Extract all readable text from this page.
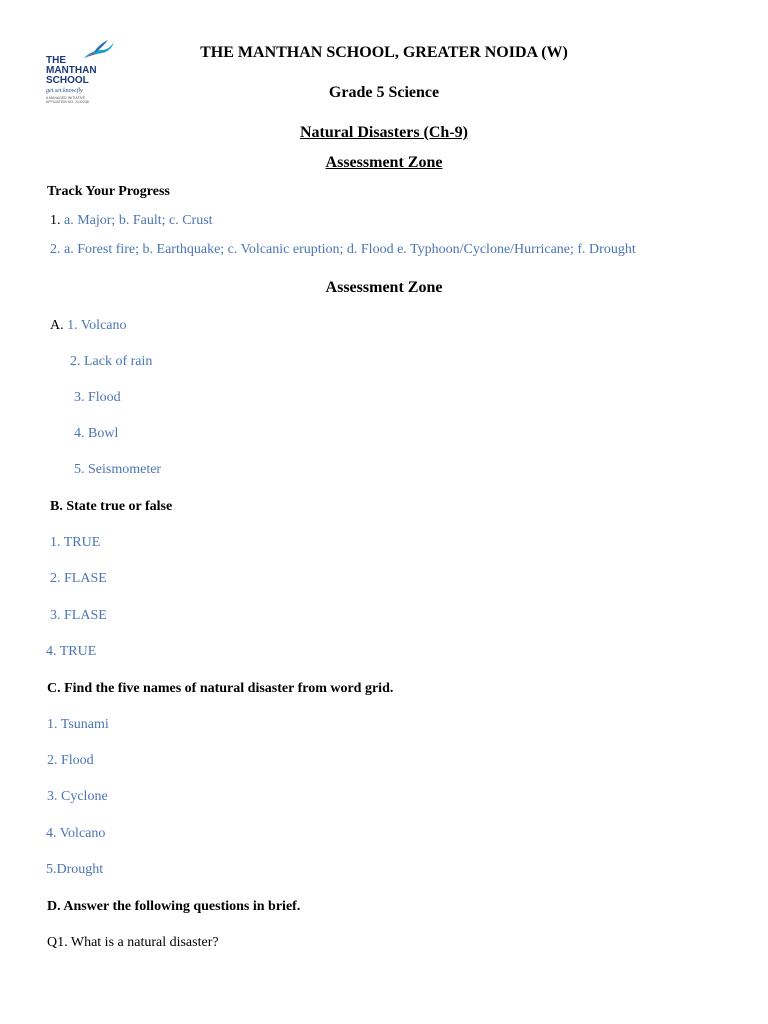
THE
MANTHAN
SCHOOL
get.set.know.fly
A MANAGED INITIATIVE
AFFILIATION NO. 2132238
THE MANTHAN SCHOOL, GREATER NOIDA (W)
Grade 5 Science
Natural Disasters (Ch-9)
Assessment Zone
Track Your Progress
1. a. Major; b. Fault; c. Crust
2. a. Forest fire; b. Earthquake; c. Volcanic eruption; d. Flood e. Typhoon/Cyclone/Hurricane; f. Drought
Assessment Zone
A. 1. Volcano
2. Lack of rain
3. Flood
4. Bowl
5. Seismometer
B. State true or false
1. TRUE
2. FLASE
3. FLASE
4. TRUE
C. Find the five names of natural disaster from word grid.
1. Tsunami
2. Flood
3. Cyclone
4. Volcano
5.Drought
D. Answer the following questions in brief.
Q1. What is a natural disaster?
